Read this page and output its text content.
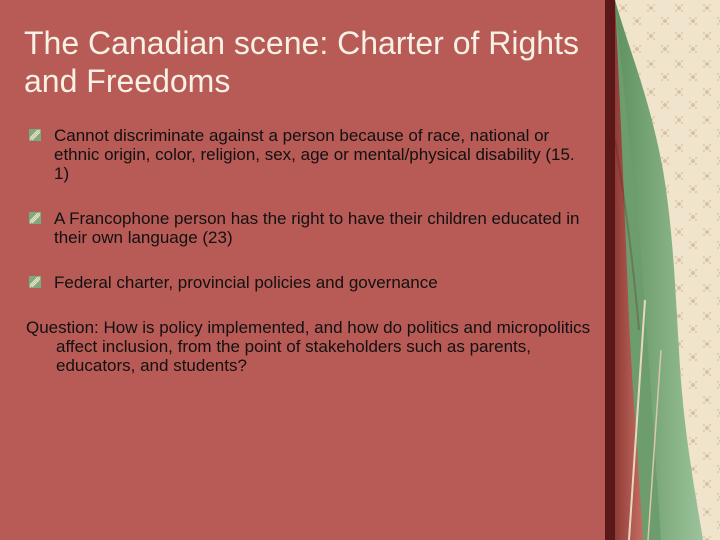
The Canadian scene: Charter of Rights and Freedoms
Cannot discriminate against a person because of race, national or ethnic origin, color, religion, sex, age or mental/physical disability (15. 1)
A Francophone person has the right to have their children educated in their own language (23)
Federal charter, provincial policies and governance

Question: How is policy implemented, and how do politics and micropolitics affect inclusion, from the point of stakeholders such as parents, educators, and students?
